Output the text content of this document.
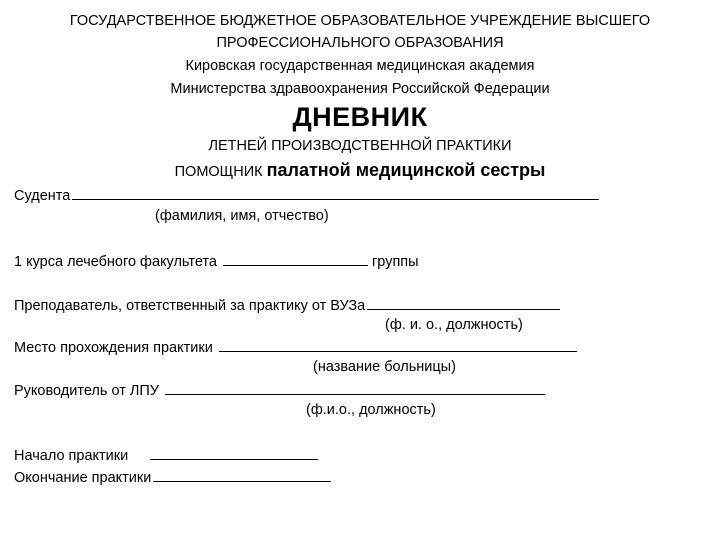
ГОСУДАРСТВЕННОЕ БЮДЖЕТНОЕ ОБРАЗОВАТЕЛЬНОЕ УЧРЕЖДЕНИЕ ВЫСШЕГО
ПРОФЕССИОНАЛЬНОГО ОБРАЗОВАНИЯ
Кировская государственная медицинская академия
Министерства здравоохранения Российской Федерации
ДНЕВНИК
ЛЕТНЕЙ ПРОИЗВОДСТВЕННОЙ ПРАКТИКИ
ПОМОЩНИК палатной медицинской сестры
Судента
(фамилия, имя, отчество)
1 курса лечебного факультета	группы
Преподаватель, ответственный за практику от ВУЗа
(ф. и. о., должность)
Место прохождения практики
(название больницы)
Руководитель от ЛПУ
(ф.и.о., должность)
Начало практики
Окончание практики
